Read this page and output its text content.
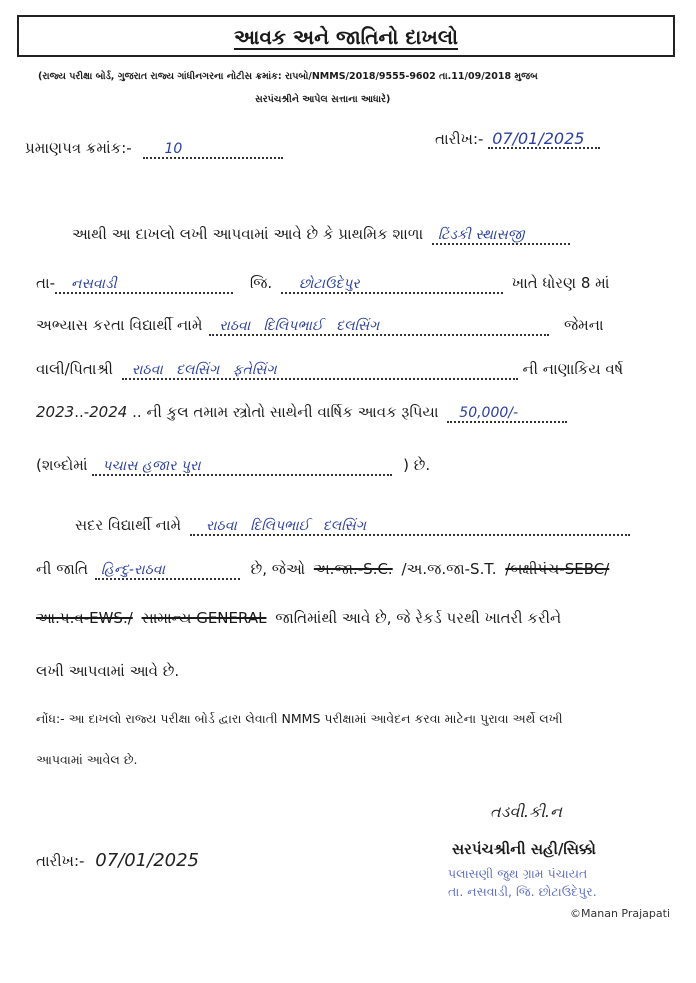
આવક અને જાતિનો દાખલો
(રાજ્ય પરીક્ષા બોર્ડ, ગુજરાત રાજ્ય ગાંધીનગરના નોટીસ ક્રમાંક: રાપબો/NMMS/2018/9555-9602 તા.11/09/2018 મુજબ
સરપંચશ્રીને આપેલ સત્તાના આધારે)
પ્રમાણપત્ર ક્રમાંક:- 10
તારીખ:- 07/01/2025
આથી આ દાખલો લખી આપવામાં આવે છે કે પ્રાથમિક શાળા ટિંડકી સ્થાસજી
તા- નસવાડી	જિ. છોટાઉદેપુર	ખાતે ધોરણ 8 માં
અભ્યાસ કરતા વિદ્યાર્થી નામે રાઠવા   દિલિપભાઈ   દલસિંગ	જેમના
વાલી/પિતાશ્રી રાઠવા   દલસિંગ   ફતેસિંગ	ની નાણાકિય વર્ષ
2023..-2024 .. ની કુલ તમામ સ્ત્રોતો સાથેની વાર્ષિક આવક રૂપિયા 50,000/-
(શબ્દોમાં પચાસ હજાર પુરા	) છે.
સદર વિદ્યાર્થી નામે રાઠવા   દિલિપભાઈ   દલસિંગ
ની જાતિ હિન્દુ-રાઠવા	છે, જેઓ અ.જા.-S.C. /અ.જ.જા-S.T. /બક્ષીપંચ-SEBC/
આ.પ.વ-EWS./ સામાન્ય GENERAL જાતિમાંથી આવે છે, જે રેકર્ડ પરથી ખાતરી કરીને
લખી આપવામાં આવે છે.
નોંધ:- આ દાખલો રાજ્ય પરીક્ષા બોર્ડ દ્વારા લેવાતી NMMS પરીક્ષામાં આવેદન કરવા માટેના પુરાવા અર્થે લખી
આપવામાં આવેલ છે.
તારીખ:- 07/01/2025
તડવી.કી.ન
સરપંચશ્રીની સહી/સિક્કો
પલાસણી જુથ ગ્રામ પંચાયત
તા. નસવાડી, જિ. છોટાઉદેપુર.
©Manan Prajapati
